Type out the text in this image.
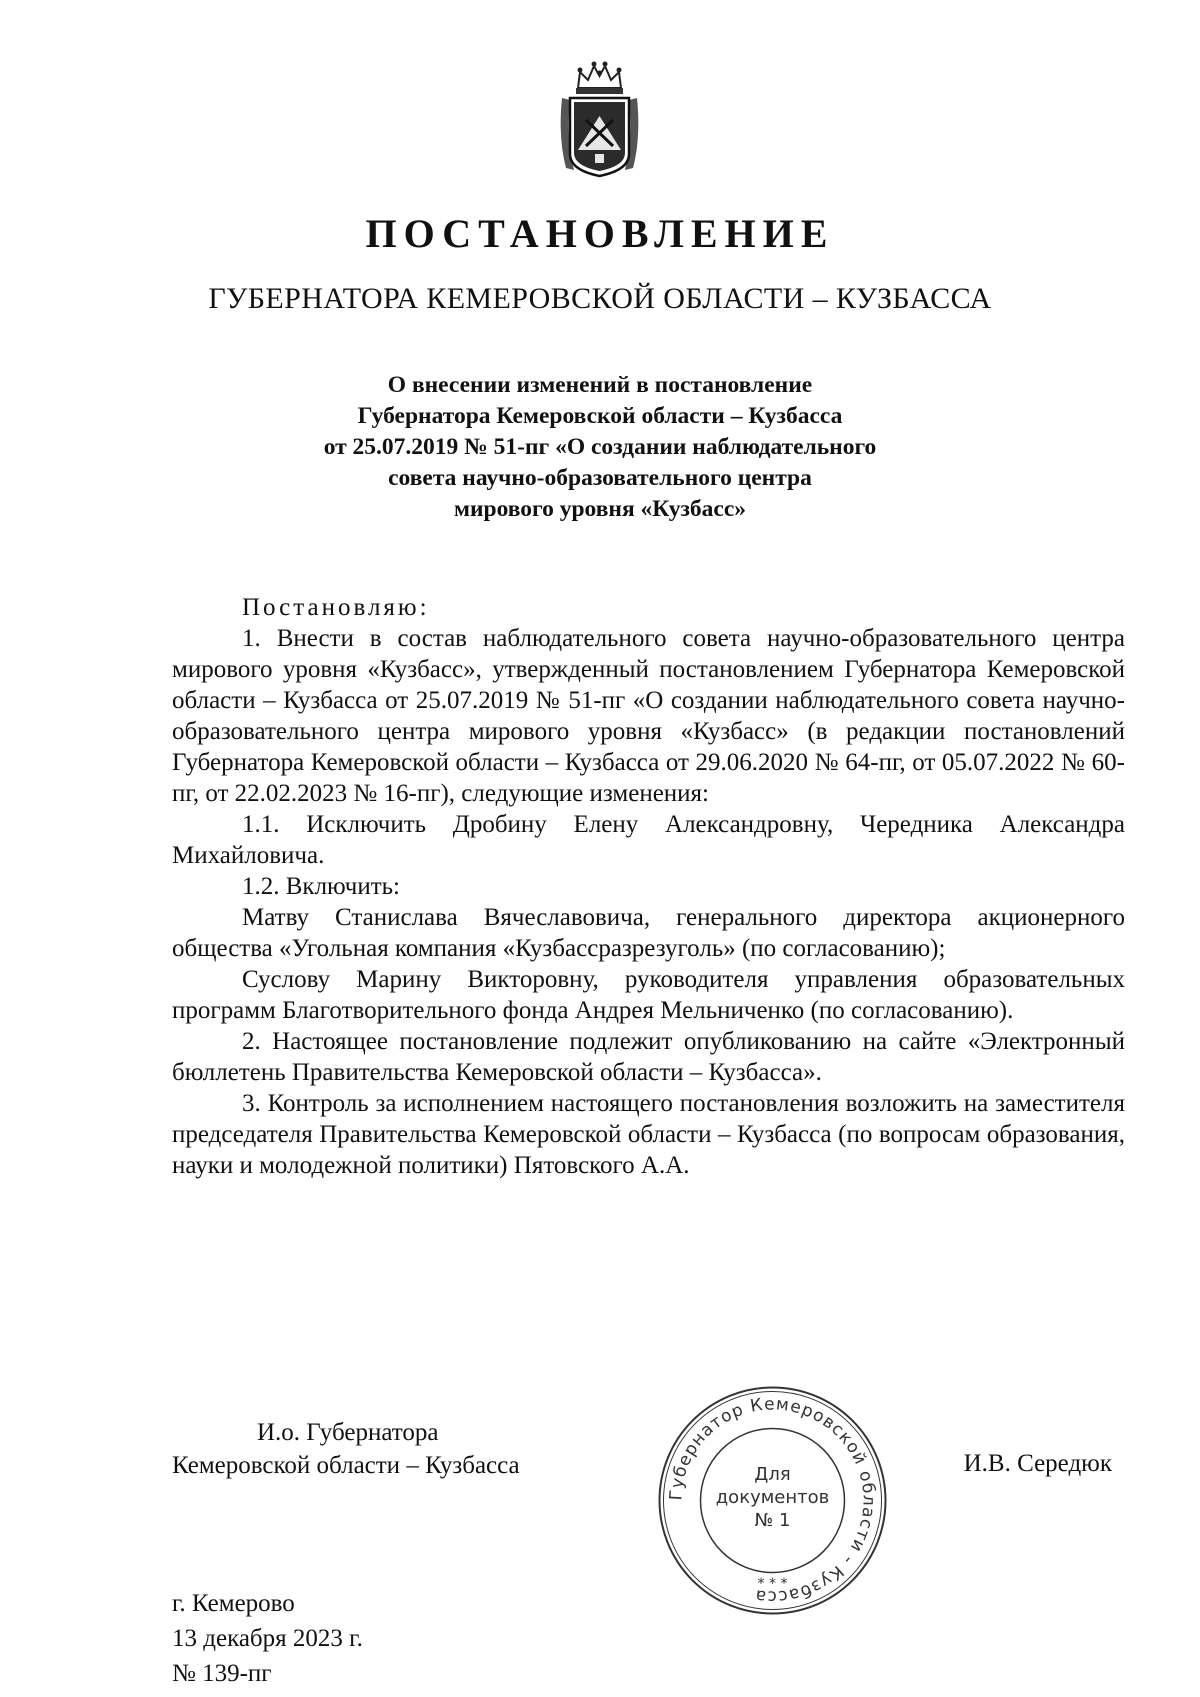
ПОСТАНОВЛЕНИЕ
ГУБЕРНАТОРА КЕМЕРОВСКОЙ ОБЛАСТИ – КУЗБАССА
О внесении изменений в постановление
Губернатора Кемеровской области – Кузбасса
от 25.07.2019 № 51-пг «О создании наблюдательного
совета научно-образовательного центра
мирового уровня «Кузбасс»

Постановляю:

1. Внести в состав наблюдательного совета научно-образовательного центра мирового уровня «Кузбасс», утвержденный постановлением Губернатора Кемеровской области – Кузбасса от 25.07.2019 № 51-пг «О создании наблюдательного совета научно-образовательного центра мирового уровня «Кузбасс» (в редакции постановлений Губернатора Кемеровской области – Кузбасса от 29.06.2020 № 64-пг, от 05.07.2022 № 60-пг, от 22.02.2023 № 16-пг), следующие изменения:

1.1. Исключить Дробину Елену Александровну, Чередника Александра Михайловича.

1.2. Включить:

Матву Станислава Вячеславовича, генерального директора акционерного общества «Угольная компания «Кузбассразрезуголь» (по согласованию);

Суслову Марину Викторовну, руководителя управления образовательных программ Благотворительного фонда Андрея Мельниченко (по согласованию).

2. Настоящее постановление подлежит опубликованию на сайте «Электронный бюллетень Правительства Кемеровской области – Кузбасса».

3. Контроль за исполнением настоящего постановления возложить на заместителя председателя Правительства Кемеровской области – Кузбасса (по вопросам образования, науки и молодежной политики) Пятовского А.А.

И.о. Губернатора
Кемеровской области – Кузбасса	И.В. Середюк
Губернатор Кемеровской области - Кузбасса
Для
документов
№ 1
* * *
г. Кемерово
13 декабря 2023 г.
№ 139-пг
